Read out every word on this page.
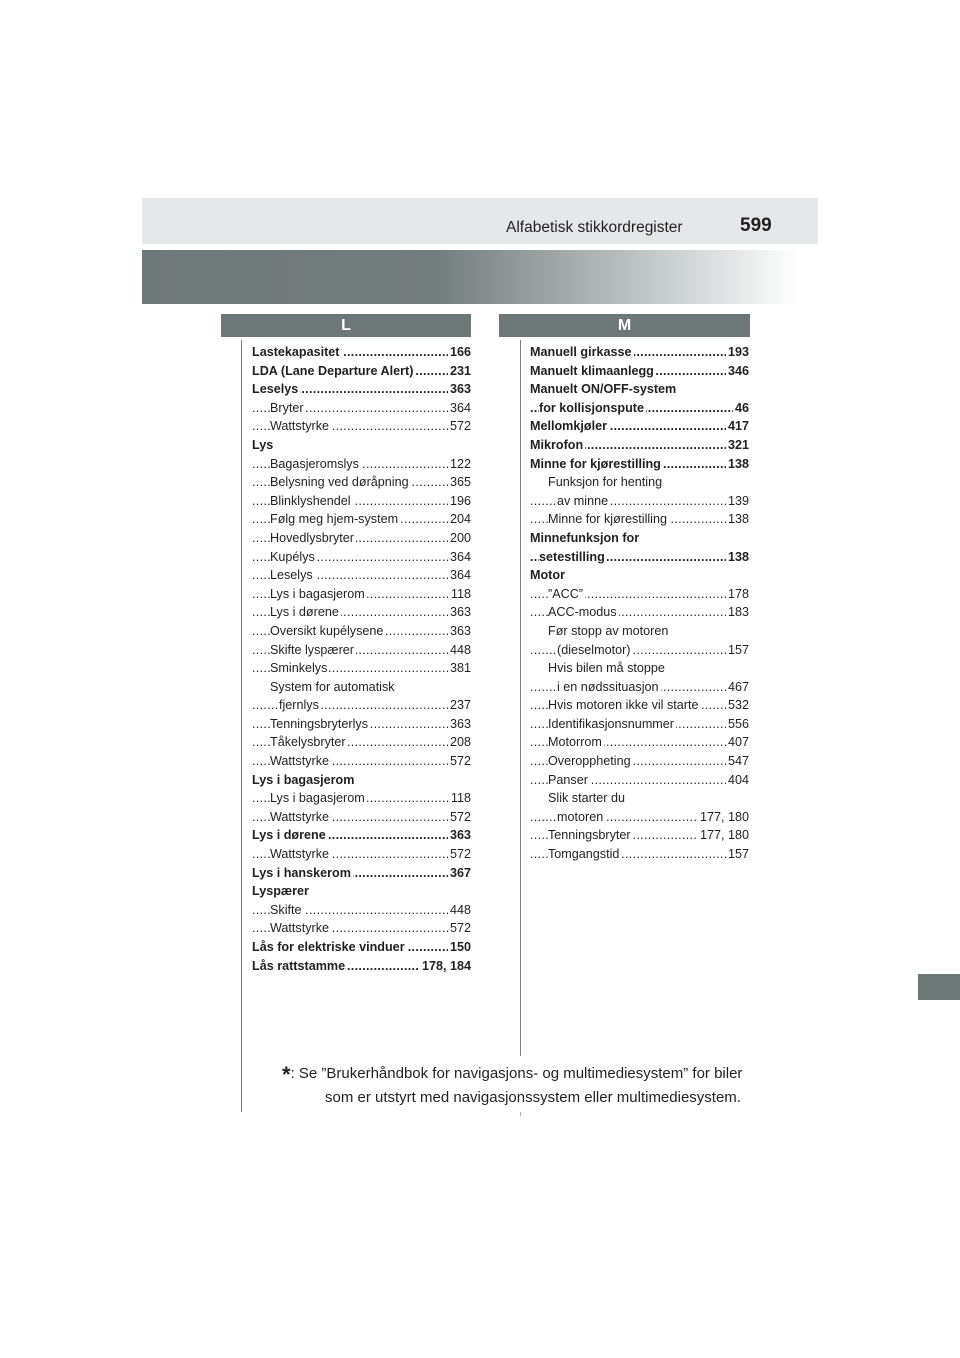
Alfabetisk stikkordregister	599
L	M
.....
Lastekapasitet	166
.....
LDA (Lane Departure Alert)	231
.....
Leselys	363
.....
Bryter	364
.....
Wattstyrke	572
Lys
.....
Bagasjeromslys	122
.....
Belysning ved døråpning	365
.....
Blinklyshendel	196
.....
Følg meg hjem-system	204
.....
Hovedlysbryter	200
.....
Kupélys	364
.....
Leselys	364
.....
Lys i bagasjerom	118
.....
Lys i dørene	363
.....
Oversikt kupélysene	363
.....
Skifte lyspærer	448
.....
Sminkelys	381
System for automatisk
.....
fjernlys	237
.....
Tenningsbryterlys	363
.....
Tåkelysbryter	208
.....
Wattstyrke	572
Lys i bagasjerom
.....
Lys i bagasjerom	118
.....
Wattstyrke	572
.....
Lys i dørene	363
.....
Wattstyrke	572
.....
Lys i hanskerom	367
Lyspærer
.....
Skifte	448
.....
Wattstyrke	572
.....
Lås for elektriske vinduer	150
.....
Lås rattstamme	178, 184
.....
Manuell girkasse	193
.....
Manuelt klimaanlegg	346
Manuelt ON/OFF-system
.....
for kollisjonspute	46
.....
Mellomkjøler	417
.....
Mikrofon	321
.....
Minne for kjørestilling	138
Funksjon for henting
.....
av minne	139
.....
Minne for kjørestilling	138
Minnefunksjon for
.....
setestilling	138
Motor
.....
”ACC”	178
.....
ACC-modus	183
Før stopp av motoren
.....
(dieselmotor)	157
Hvis bilen må stoppe
.....
i en nødssituasjon	467
.....
Hvis motoren ikke vil starte 532
.....
Identifikasjonsnummer	556
.....
Motorrom	407
.....
Overoppheting	547
.....
Panser	404
Slik starter du
.....
motoren	177, 180
.....
Tenningsbryter	177, 180
.....
Tomgangstid	157
*: Se ”Brukerhåndbok for navigasjons- og multimediesystem” for biler
som er utstyrt med navigasjonssystem eller multimediesystem.
